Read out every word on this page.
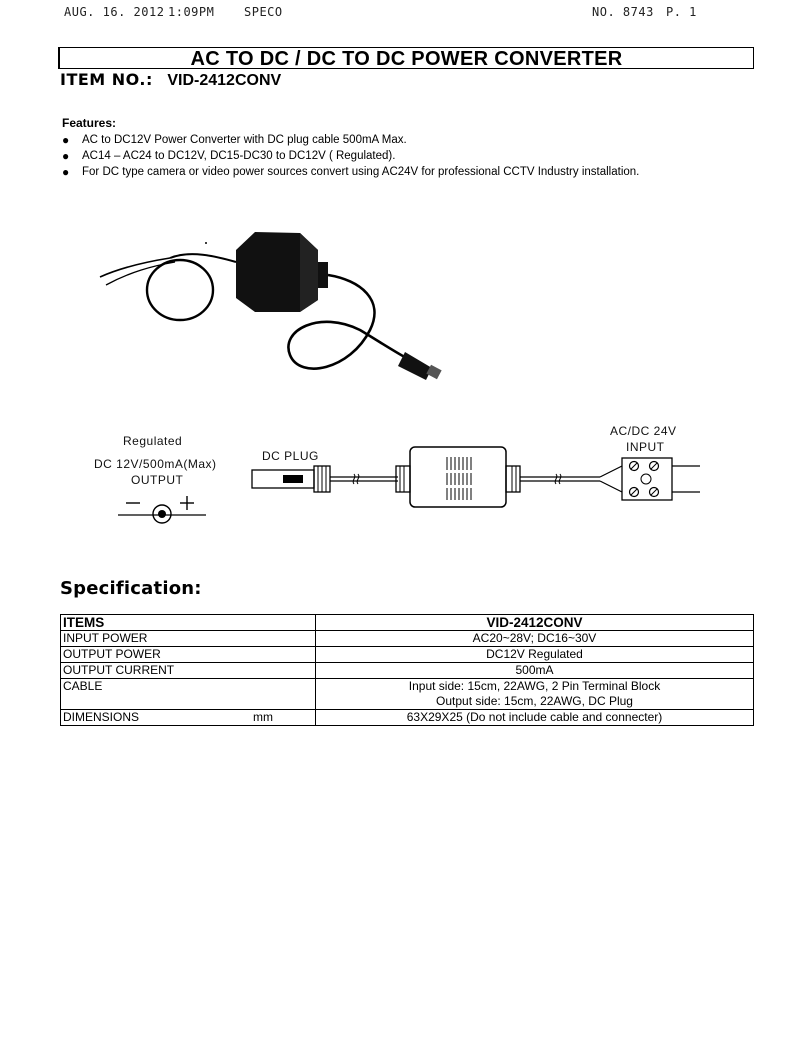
AUG. 16. 2012 1:09PM SPECO	NO. 8743 P. 1
AC TO DC / DC TO DC POWER CONVERTER
ITEM NO.: VID-2412CONV
Features:
● AC to DC12V Power Converter with DC plug cable 500mA Max.
● AC14 – AC24 to DC12V, DC15-DC30 to DC12V ( Regulated).
● For DC type camera or video power sources convert using AC24V for professional CCTV Industry installation.
Regulated
DC 12V/500mA(Max)
OUTPUT
DC PLUG
AC/DC 24V
INPUT
Specification:
ITEMS	VID-2412CONV
INPUT POWER	AC20~28V; DC16~30V
OUTPUT POWER	DC12V Regulated
OUTPUT CURRENT	500mA
CABLE	Input side: 15cm, 22AWG, 2 Pin Terminal Block
Output side: 15cm, 22AWG, DC Plug

DIMENSIONS mm	63X29X25 (Do not include cable and connecter)
